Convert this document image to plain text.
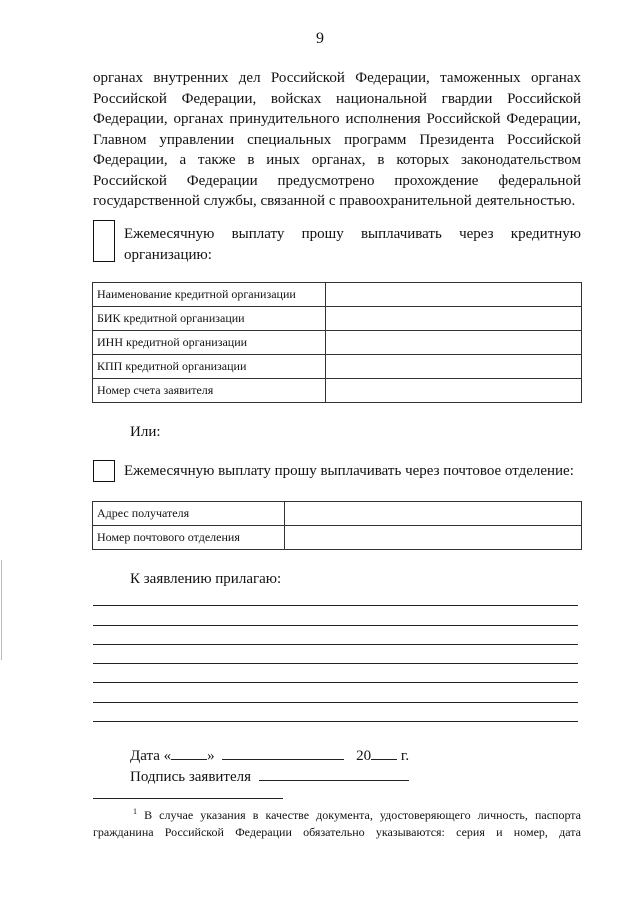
9
органах внутренних дел Российской Федерации, таможенных органах
Российской Федерации, войсках национальной гвардии Российской
Федерации, органах принудительного исполнения Российской Федерации,
Главном управлении специальных программ Президента Российской
Федерации, а также в иных органах, в которых законодательством
Российской Федерации предусмотрено прохождение федеральной
государственной службы, связанной с правоохранительной деятельностью.
Ежемесячную выплату прошу выплачивать через кредитную
организацию:
Наименование кредитной организации	
БИК кредитной организации	
ИНН кредитной организации	
КПП кредитной организации	
Номер счета заявителя	
Или:
Ежемесячную выплату прошу выплачивать через почтовое отделение:
Адрес получателя	
Номер почтового отделения	
К заявлению прилагаю:
Дата « »	20 г.
Подпись заявителя
$^1$ В случае указания в качестве документа, удостоверяющего личность, паспорта
гражданина Российской Федерации обязательно указываются: серия и номер, дата
